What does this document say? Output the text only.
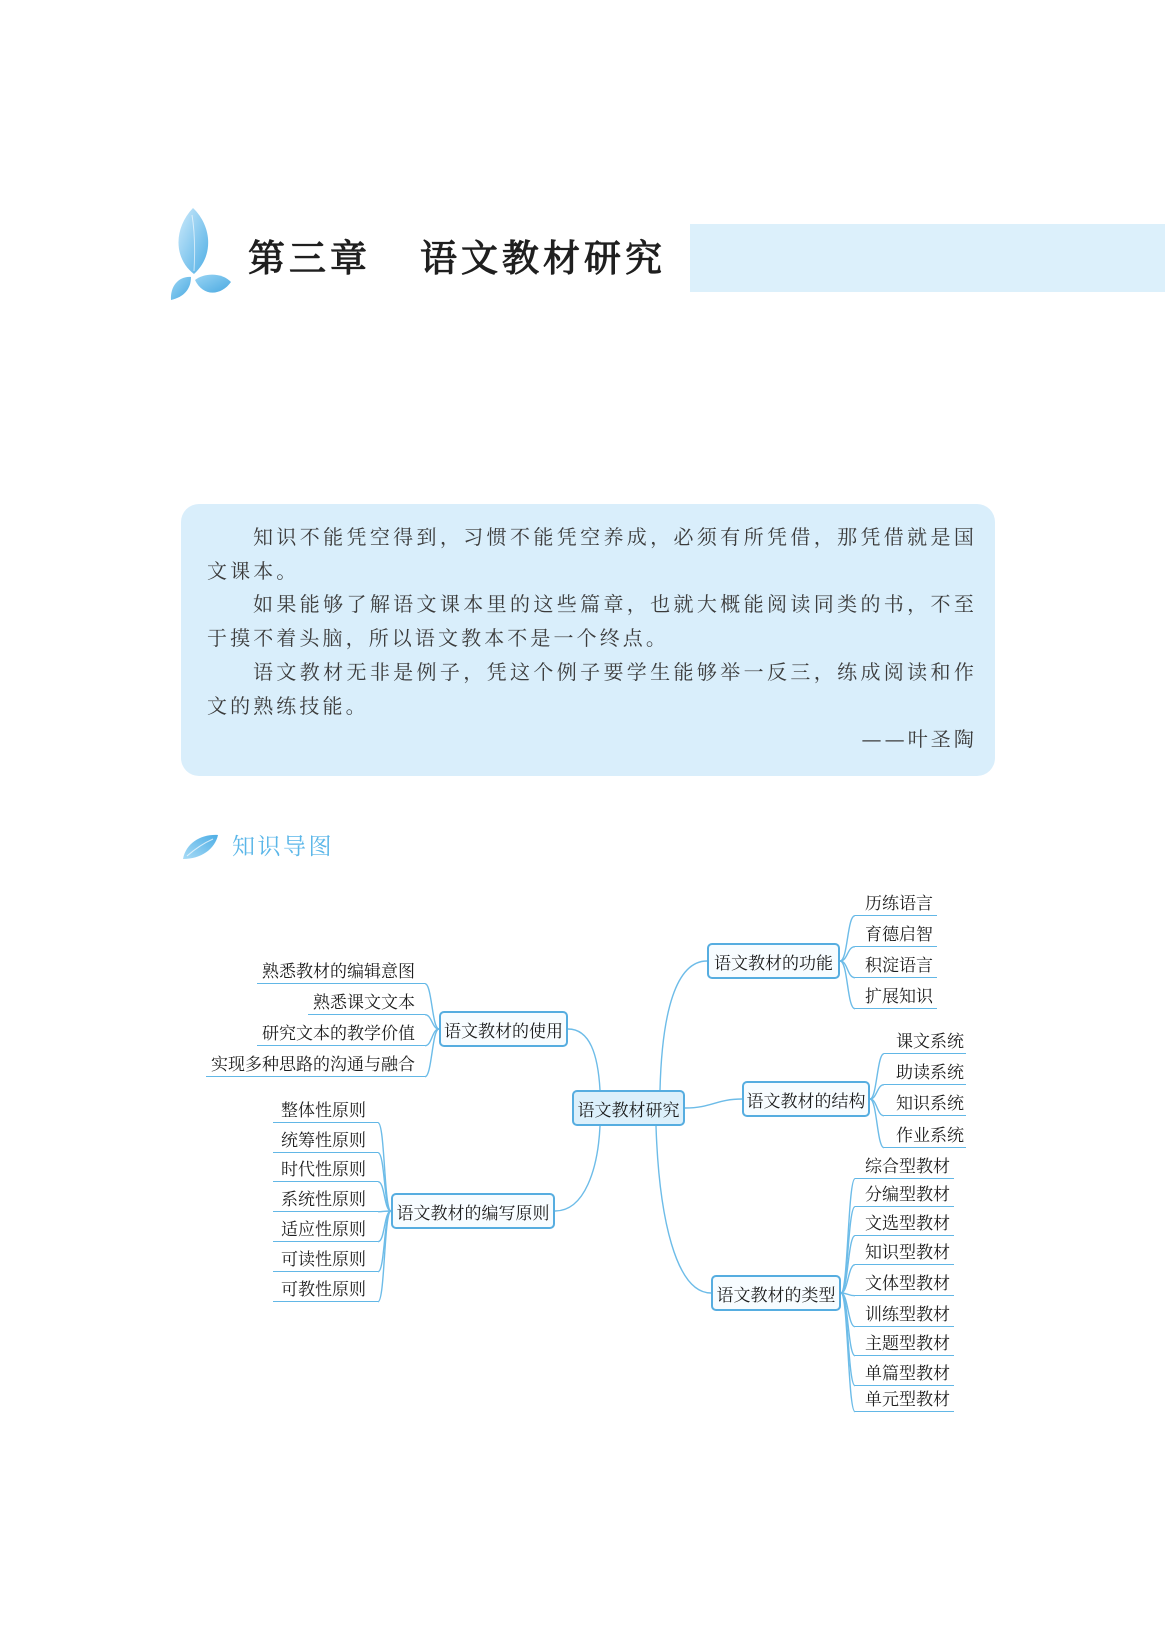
第三章 语文教材研究

知识不能凭空得到，习惯不能凭空养成，必须有所凭借，那凭借就是国文课本。

如果能够了解语文课本里的这些篇章，也就大概能阅读同类的书，不至于摸不着头脑，所以语文教本不是一个终点。

语文教材无非是例子，凭这个例子要学生能够举一反三，练成阅读和作文的熟练技能。

——叶圣陶

知识导图
语文教材研究
语文教材的功能
语文教材的结构
语文教材的类型
语文教材的编写原则
语文教材的使用
历练语言
育德启智
积淀语言
扩展知识
课文系统
助读系统
知识系统
作业系统
综合型教材
分编型教材
文选型教材
知识型教材
文体型教材
训练型教材
主题型教材
单篇型教材
单元型教材
整体性原则
统筹性原则
时代性原则
系统性原则
适应性原则
可读性原则
可教性原则
熟悉教材的编辑意图
熟悉课文文本
研究文本的教学价值
实现多种思路的沟通与融合
